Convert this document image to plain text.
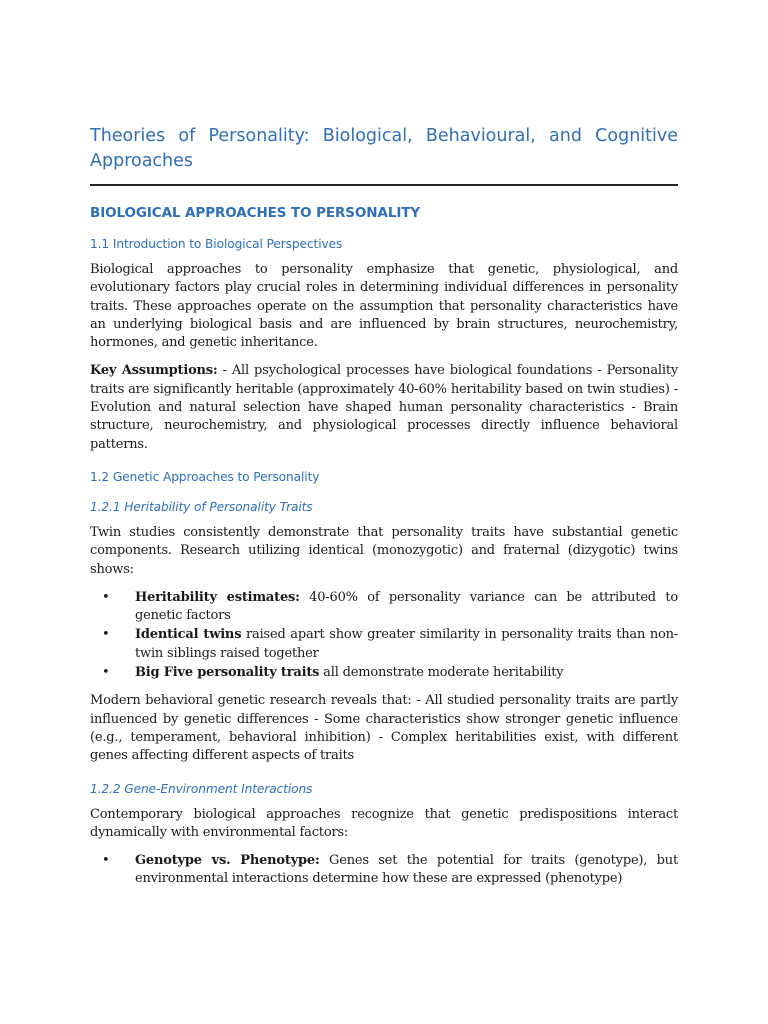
Theories of Personality: Biological, Behavioural, and Cognitive Approaches
BIOLOGICAL APPROACHES TO PERSONALITY
1.1 Introduction to Biological Perspectives

Biological approaches to personality emphasize that genetic, physiological, and evolutionary factors play crucial roles in determining individual differences in personality traits. These approaches operate on the assumption that personality characteristics have an underlying biological basis and are influenced by brain structures, neurochemistry, hormones, and genetic inheritance.

Key Assumptions: - All psychological processes have biological foundations - Personality traits are significantly heritable (approximately 40-60% heritability based on twin studies) - Evolution and natural selection have shaped human personality characteristics - Brain structure, neurochemistry, and physiological processes directly influence behavioral patterns.

1.2 Genetic Approaches to Personality
1.2.1 Heritability of Personality Traits

Twin studies consistently demonstrate that personality traits have substantial genetic components. Research utilizing identical (monozygotic) and fraternal (dizygotic) twins shows:

• Heritability estimates: 40-60% of personality variance can be attributed to genetic factors
• Identical twins raised apart show greater similarity in personality traits than non-twin siblings raised together
• Big Five personality traits all demonstrate moderate heritability

Modern behavioral genetic research reveals that: - All studied personality traits are partly influenced by genetic differences - Some characteristics show stronger genetic influence (e.g., temperament, behavioral inhibition) - Complex heritabilities exist, with different genes affecting different aspects of traits

1.2.2 Gene-Environment Interactions

Contemporary biological approaches recognize that genetic predispositions interact dynamically with environmental factors:

• Genotype vs. Phenotype: Genes set the potential for traits (genotype), but environmental interactions determine how these are expressed (phenotype)
